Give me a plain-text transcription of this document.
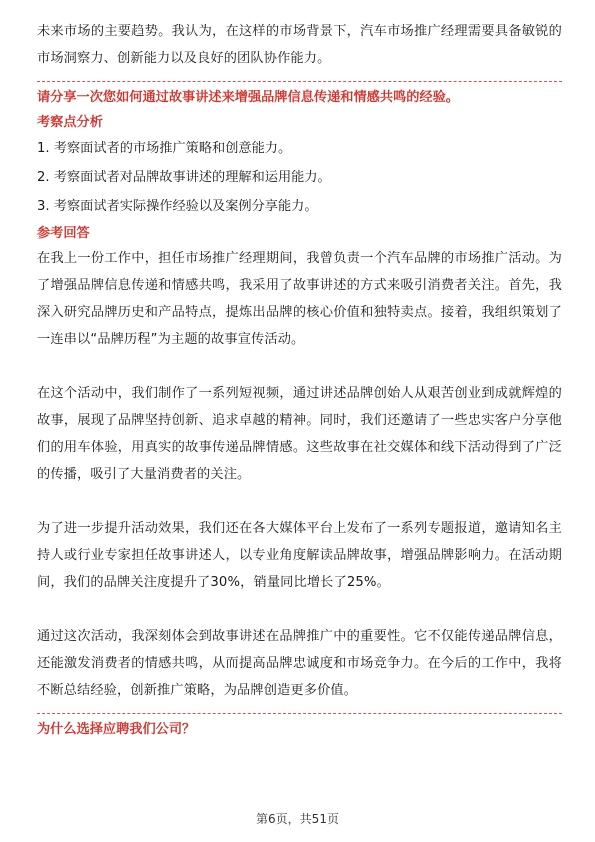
未来市场的主要趋势。我认为，在这样的市场背景下，汽车市场推广经理需要具备敏锐的市场洞察力、创新能力以及良好的团队协作能力。

请分享一次您如何通过故事讲述来增强品牌信息传递和情感共鸣的经验。
考察点分析
1. 考察面试者的市场推广策略和创意能力。
2. 考察面试者对品牌故事讲述的理解和运用能力。
3. 考察面试者实际操作经验以及案例分享能力。
参考回答

在我上一份工作中，担任市场推广经理期间，我曾负责一个汽车品牌的市场推广活动。为了增强品牌信息传递和情感共鸣，我采用了故事讲述的方式来吸引消费者关注。首先，我深入研究品牌历史和产品特点，提炼出品牌的核心价值和独特卖点。接着，我组织策划了一连串以“品牌历程”为主题的故事宣传活动。

在这个活动中，我们制作了一系列短视频，通过讲述品牌创始人从艰苦创业到成就辉煌的故事，展现了品牌坚持创新、追求卓越的精神。同时，我们还邀请了一些忠实客户分享他们的用车体验，用真实的故事传递品牌情感。这些故事在社交媒体和线下活动得到了广泛的传播，吸引了大量消费者的关注。

为了进一步提升活动效果，我们还在各大媒体平台上发布了一系列专题报道，邀请知名主持人或行业专家担任故事讲述人，以专业角度解读品牌故事，增强品牌影响力。在活动期间，我们的品牌关注度提升了30%，销量同比增长了25%。

通过这次活动，我深刻体会到故事讲述在品牌推广中的重要性。它不仅能传递品牌信息，还能激发消费者的情感共鸣，从而提高品牌忠诚度和市场竞争力。在今后的工作中，我将不断总结经验，创新推广策略，为品牌创造更多价值。

为什么选择应聘我们公司？
第6页，共51页
